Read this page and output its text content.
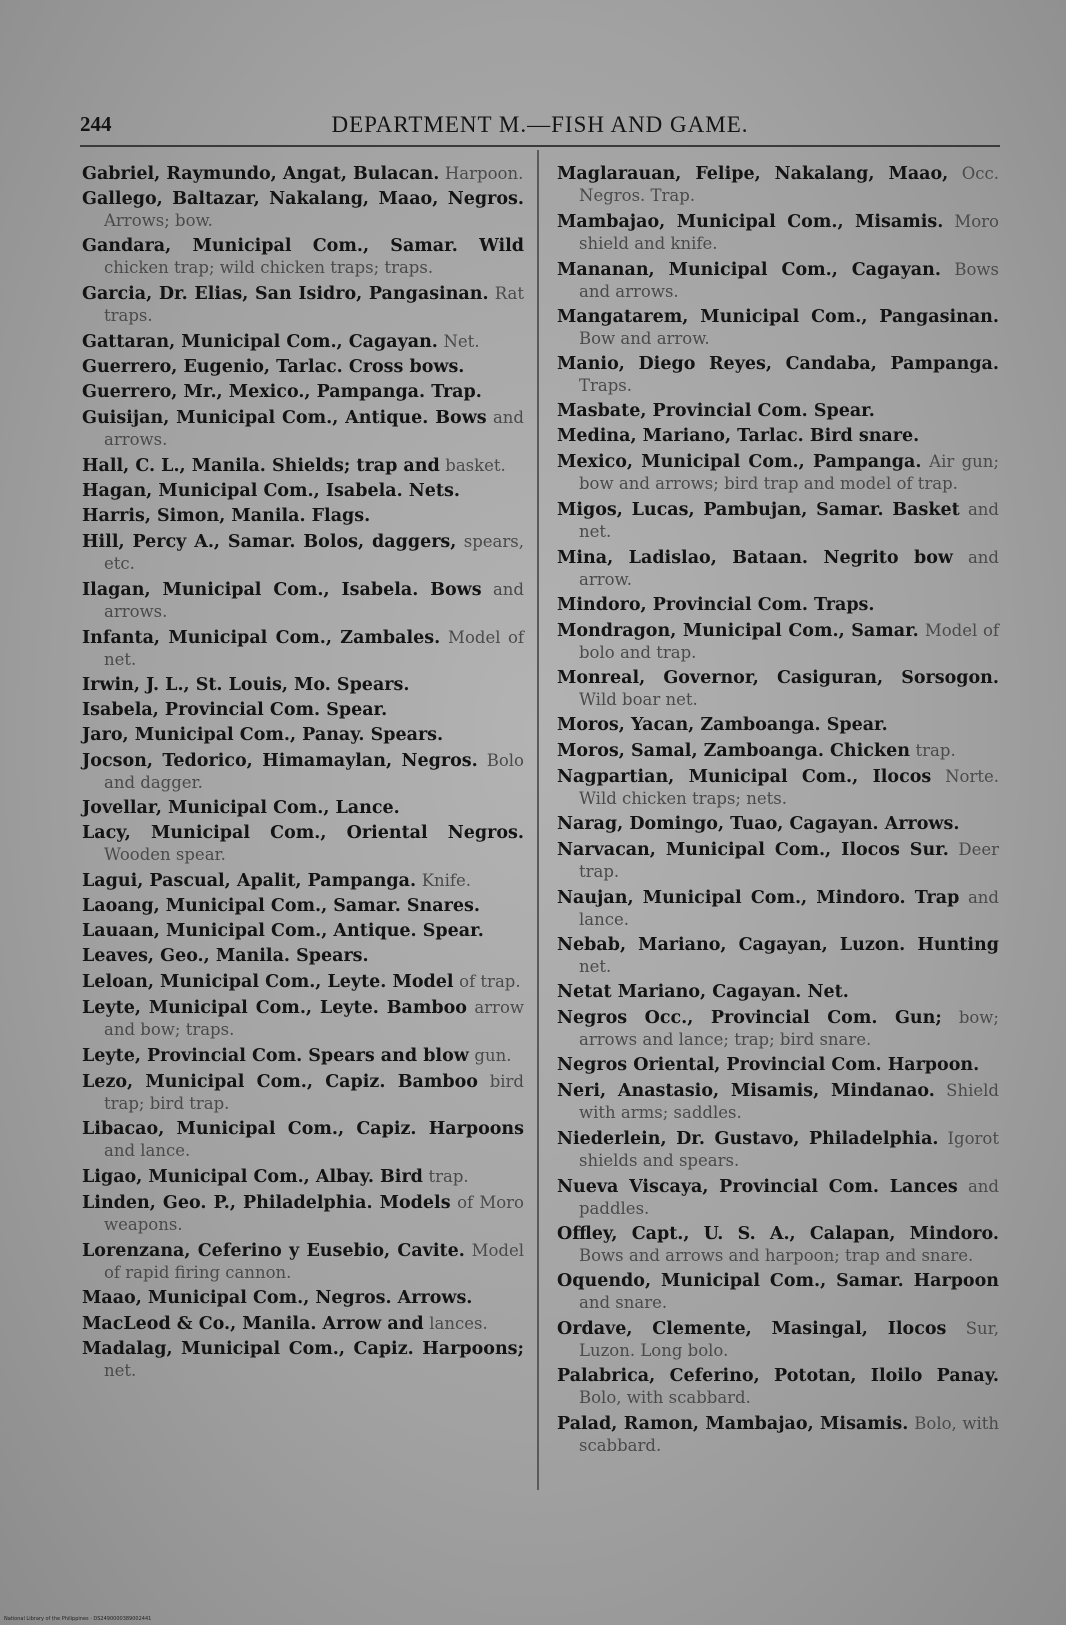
244	DEPARTMENT M.—FISH AND GAME.

Gabriel, Raymundo, Angat, Bulacan. Harpoon.

Gallego, Baltazar, Nakalang, Maao, Negros. Arrows; bow.

Gandara, Municipal Com., Samar. Wild chicken trap; wild chicken traps; traps.

Garcia, Dr. Elias, San Isidro, Pangasinan. Rat traps.

Gattaran, Municipal Com., Cagayan. Net.

Guerrero, Eugenio, Tarlac. Cross bows.

Guerrero, Mr., Mexico., Pampanga. Trap.

Guisijan, Municipal Com., Antique. Bows and arrows.

Hall, C. L., Manila. Shields; trap and basket.

Hagan, Municipal Com., Isabela. Nets.

Harris, Simon, Manila. Flags.

Hill, Percy A., Samar. Bolos, daggers, spears, etc.

Ilagan, Municipal Com., Isabela. Bows and arrows.

Infanta, Municipal Com., Zambales. Model of net.

Irwin, J. L., St. Louis, Mo. Spears.

Isabela, Provincial Com. Spear.

Jaro, Municipal Com., Panay. Spears.

Jocson, Tedorico, Himamaylan, Negros. Bolo and dagger.

Jovellar, Municipal Com., Lance.

Lacy, Municipal Com., Oriental Negros. Wooden spear.

Lagui, Pascual, Apalit, Pampanga. Knife.

Laoang, Municipal Com., Samar. Snares.

Lauaan, Municipal Com., Antique. Spear.

Leaves, Geo., Manila. Spears.

Leloan, Municipal Com., Leyte. Model of trap.

Leyte, Municipal Com., Leyte. Bamboo arrow and bow; traps.

Leyte, Provincial Com. Spears and blow gun.

Lezo, Municipal Com., Capiz. Bamboo bird trap; bird trap.

Libacao, Municipal Com., Capiz. Harpoons and lance.

Ligao, Municipal Com., Albay. Bird trap.

Linden, Geo. P., Philadelphia. Models of Moro weapons.

Lorenzana, Ceferino y Eusebio, Cavite. Model of rapid firing cannon.

Maao, Municipal Com., Negros. Arrows.

MacLeod & Co., Manila. Arrow and lances.

Madalag, Municipal Com., Capiz. Harpoons; net.

Maglarauan, Felipe, Nakalang, Maao, Occ. Negros. Trap.

Mambajao, Municipal Com., Misamis. Moro shield and knife.

Mananan, Municipal Com., Cagayan. Bows and arrows.

Mangatarem, Municipal Com., Pangasinan. Bow and arrow.

Manio, Diego Reyes, Candaba, Pampanga. Traps.

Masbate, Provincial Com. Spear.

Medina, Mariano, Tarlac. Bird snare.

Mexico, Municipal Com., Pampanga. Air gun; bow and arrows; bird trap and model of trap.

Migos, Lucas, Pambujan, Samar. Basket and net.

Mina, Ladislao, Bataan. Negrito bow and arrow.

Mindoro, Provincial Com. Traps.

Mondragon, Municipal Com., Samar. Model of bolo and trap.

Monreal, Governor, Casiguran, Sorsogon. Wild boar net.

Moros, Yacan, Zamboanga. Spear.

Moros, Samal, Zamboanga. Chicken trap.

Nagpartian, Municipal Com., Ilocos Norte. Wild chicken traps; nets.

Narag, Domingo, Tuao, Cagayan. Arrows.

Narvacan, Municipal Com., Ilocos Sur. Deer trap.

Naujan, Municipal Com., Mindoro. Trap and lance.

Nebab, Mariano, Cagayan, Luzon. Hunting net.

Netat Mariano, Cagayan. Net.

Negros Occ., Provincial Com. Gun; bow; arrows and lance; trap; bird snare.

Negros Oriental, Provincial Com. Harpoon.

Neri, Anastasio, Misamis, Mindanao. Shield with arms; saddles.

Niederlein, Dr. Gustavo, Philadelphia. Igorot shields and spears.

Nueva Viscaya, Provincial Com. Lances and paddles.

Offley, Capt., U. S. A., Calapan, Mindoro. Bows and arrows and harpoon; trap and snare.

Oquendo, Municipal Com., Samar. Harpoon and snare.

Ordave, Clemente, Masingal, Ilocos Sur, Luzon. Long bolo.

Palabrica, Ceferino, Pototan, Iloilo Panay. Bolo, with scabbard.

Palad, Ramon, Mambajao, Misamis. Bolo, with scabbard.

National Library of the Philippines · DS2490000389002441
